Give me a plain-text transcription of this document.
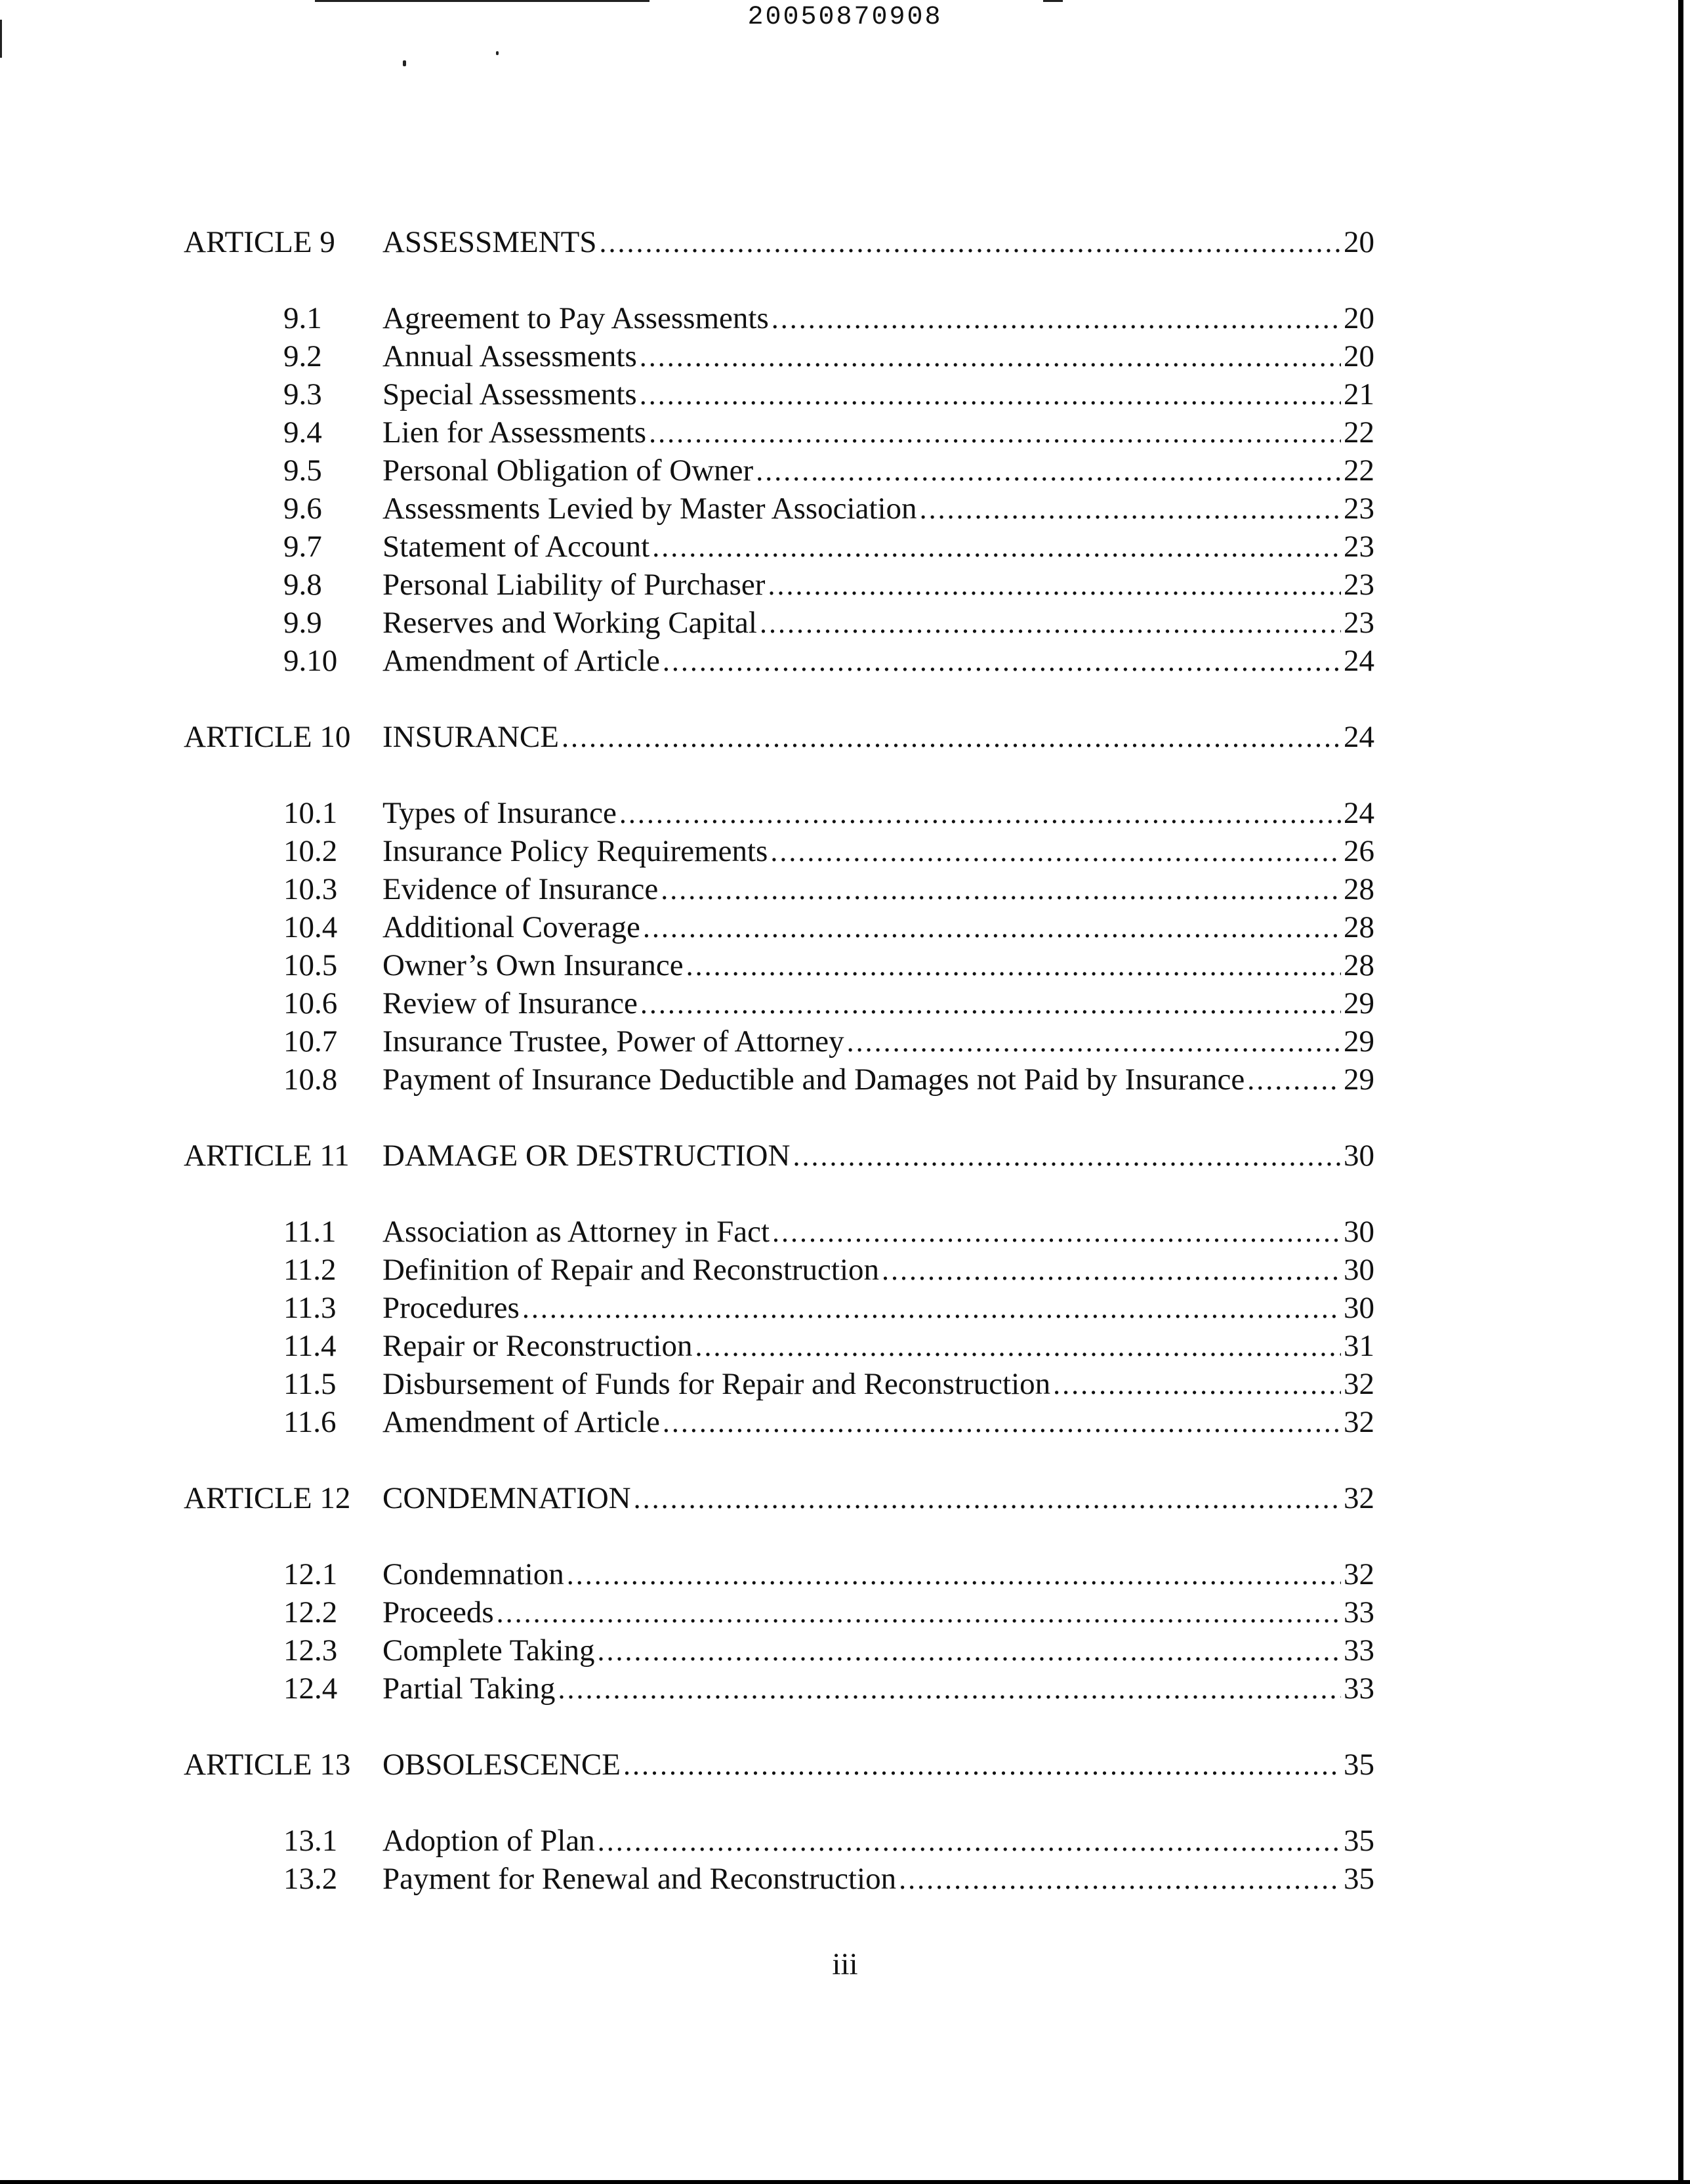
20050870908
ARTICLE 9	ASSESSMENTS .....	20
9.1	Agreement to Pay Assessments .....	20
9.2	Annual Assessments .....	20
9.3	Special Assessments .....	21
9.4	Lien for Assessments .....	22
9.5	Personal Obligation of Owner .....	22
9.6	Assessments Levied by Master Association .....	23
9.7	Statement of Account .....	23
9.8	Personal Liability of Purchaser .....	23
9.9	Reserves and Working Capital .....	23
9.10	Amendment of Article .....	24
ARTICLE 10	INSURANCE .....	24
10.1	Types of Insurance .....	24
10.2	Insurance Policy Requirements .....	26
10.3	Evidence of Insurance .....	28
10.4	Additional Coverage .....	28
10.5	Owner’s Own Insurance .....	28
10.6	Review of Insurance .....	29
10.7	Insurance Trustee, Power of Attorney .....	29
10.8	Payment of Insurance Deductible and Damages not Paid by Insurance .....	29
ARTICLE 11	DAMAGE OR DESTRUCTION .....	30
11.1	Association as Attorney in Fact .....	30
11.2	Definition of Repair and Reconstruction .....	30
11.3	Procedures .....	30
11.4	Repair or Reconstruction .....	31
11.5	Disbursement of Funds for Repair and Reconstruction .....	32
11.6	Amendment of Article .....	32
ARTICLE 12	CONDEMNATION .....	32
12.1	Condemnation .....	32
12.2	Proceeds .....	33
12.3	Complete Taking .....	33
12.4	Partial Taking .....	33
ARTICLE 13	OBSOLESCENCE .....	35
13.1	Adoption of Plan .....	35
13.2	Payment for Renewal and Reconstruction .....	35
iii
